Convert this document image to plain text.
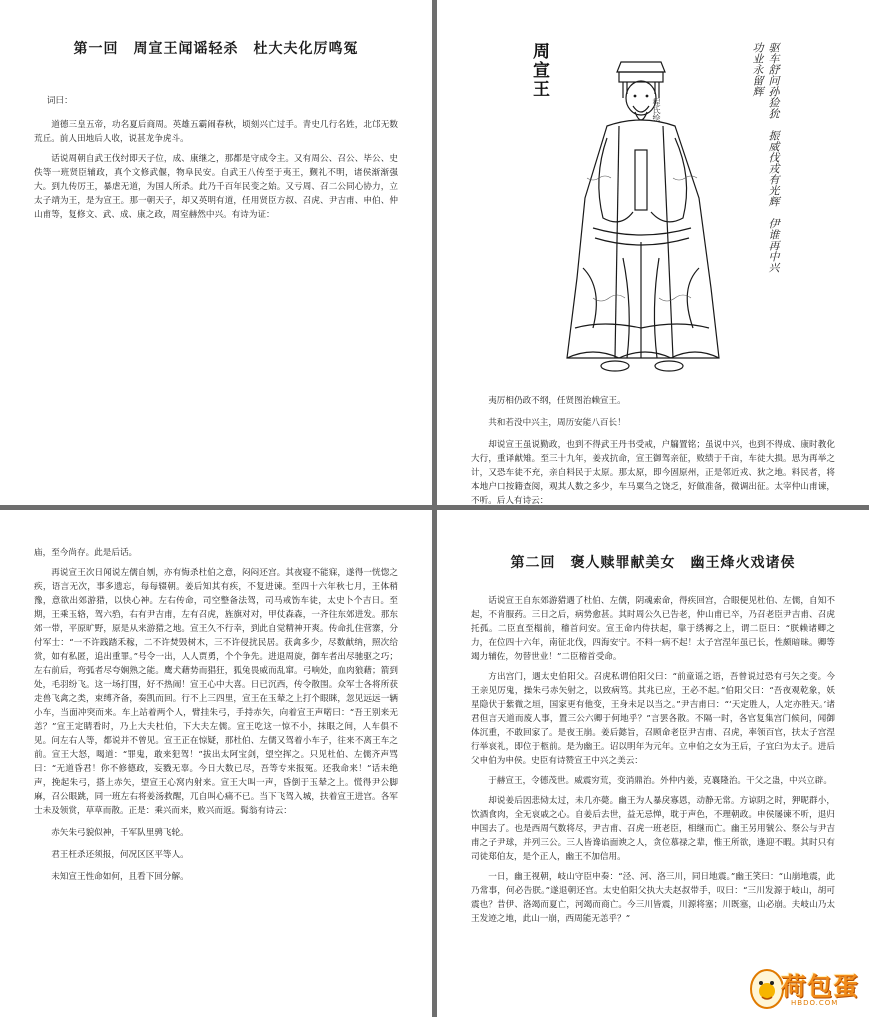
第一回　周宣王闻谣轻杀　杜大夫化厉鸣冤
词曰：

道德三皇五帝，功名夏后商周。英雄五霸闹春秋，顷刻兴亡过手。青史几行名姓，北邙无数荒丘。前人田地后人收，说甚龙争虎斗。

话说周朝自武王伐纣即天子位，成、康继之，那都是守成令主。又有周公、召公、毕公、史佚等一班贤臣辅政，真个文修武偃，物阜民安。自武王八传至于夷王，觐礼不明，诸侯渐渐强大。到九传厉王，暴虐无道，为国人所杀。此乃千百年民变之始。又亏周、召二公同心协力，立太子靖为王，是为宣王。那一朝天子，却又英明有道，任用贤臣方叔、召虎、尹吉甫、申伯、仲山甫等，复修文、武、成、康之政，周室赫然中兴。有诗为证：

周宣王	驱车舒问孙猃狁　振威伐戎有光辉　伊谁再中兴　功业永留辉
程氏绘

夷厉相仍政不纲，任贤图治赖宣王。

共和若没中兴主，周历安能八百长！

却说宣王虽说勤政，也到不得武王丹书受戒，户牖置铭；虽说中兴，也到不得成、康时教化大行，重译献雉。至三十九年，姜戎抗命，宣王御驾亲征，败绩于千亩，车徒大损。思为再举之计，又恐车徒不充，亲自料民于太原。那太原，即今固原州，正是邻近戎、狄之地。料民者，将本地户口按籍查阅，观其人数之多少，车马粟刍之饶乏，好做准备，微调出征。太宰仲山甫谏，不听。后人有诗云：

庙，至今尚存。此是后话。

再说宣王次日闻说左儒自刎，亦有悔杀杜伯之意，闷闷还宫。其夜寝不能寐，遂得一恍惚之疾，语言无次，事多遗忘，每每辍朝。姜后知其有疾，不复进谏。至四十六年秋七月，王体稍豫，意欲出郊游猎，以快心神。左右传命，司空整备法驾，司马戒饬车徒，太史卜个吉日。至期，王乘玉辂，驾六驺，右有尹吉甫，左有召虎，旌旗对对，甲仗森森，一齐往东郊进发。那东郊一带，平原旷野，原是从来游猎之地。宣王久不行幸，到此自觉精神开爽。传命扎住营寨，分付军士：“一不许践踏禾稼，二不许焚毁树木，三不许侵扰民居。获禽多少，尽数献纳，照次给赏，如有私匿，追出重罪。”号令一出，人人贾勇，个个争先。进退周旋，御车者出尽驰驱之巧；左右前后，弯弧者尽夸娴熟之能。鹰犬藉势而猖狂，狐兔畏威而乱窜。弓响处，血肉狼藉；箭到处，毛羽纷飞。这一场打围，好不热闹！宣王心中大喜。日已沉西，传令散围。众军士各将所获走兽飞禽之类，束缚齐备，奏凯而回。行不上三四里，宣王在玉辇之上打个眼眯，忽见远远一辆小车，当面冲突而来。车上站着两个人，臂挂朱弓，手持赤矢，向着宣王声喏曰：“吾王别来无恙？”宣王定睛看时，乃上大夫杜伯，下大夫左儒。宣王吃这一惊不小，抹眼之间，人车俱不见。问左右人等，都说并不曾见。宣王正在惊疑，那杜伯、左儒又驾着小车子，往来不离王车之前。宣王大怒，喝道：“罪鬼，敢来犯驾！”拔出太阿宝剑，望空挥之。只见杜伯、左儒齐声骂曰：“无道昏君！你不修德政，妄戮无辜。今日大数已尽，吾等专来报冤。还我命来！”话未绝声，挽起朱弓，搭上赤矢，望宣王心窝内射来。宣王大叫一声，昏倒于玉辇之上。慌得尹公脚麻，召公眼跳，同一班左右将姜汤救醒，兀自叫心痛不已。当下飞驾入城，扶着宣王进宫。各军士未及领赏，草草而散。正是：乘兴而来，败兴而返。髯翁有诗云：

赤矢朱弓貌似神，千军队里骋飞轮。

君王枉杀还须报，何况区区平等人。

未知宣王性命如何，且看下回分解。

第二回　褒人赎罪献美女　幽王烽火戏诸侯

话说宣王自东郊游猎遇了杜伯、左儒，阴魂索命，得疾回宫，合眼便见杜伯、左儒，自知不起，不肯服药。三日之后，病势愈甚。其时周公久已告老，仲山甫已卒，乃召老臣尹吉甫、召虎托孤。二臣直至榻前，稽首问安。宣王命内侍扶起，靠于绣褥之上，谓二臣曰：“朕赖诸卿之力，在位四十六年，南征北伐，四海安宁。不料一病不起！太子宫涅年虽已长，性颇暗昧。卿等竭力辅佐，勿替世业！”二臣稽首受命。

方出宫门，遇太史伯阳父。召虎私谓伯阳父曰：“前童谣之语，吾曾说过恐有弓矢之变。今王亲见厉鬼，操朱弓赤矢射之，以致病笃。其兆已应，王必不起。”伯阳父曰：“吾夜观乾象，妖星隐伏于紫微之垣，国家更有他变，王身未足以当之。”尹吉甫曰：“‘天定胜人，人定亦胜天。’诸君但言天道而废人事，置三公六卿于何地乎？”言罢各散。不隔一时，各官复集宫门候问，闻御体沉重，不敢回家了。是夜王崩。姜后懿旨，召顾命老臣尹吉甫、召虎，率领百官，扶太子宫涅行举哀礼，即位于柩前。是为幽王。诏以明年为元年。立申伯之女为王后，子宜臼为太子。进后父申伯为申侯。史臣有诗赞宣王中兴之美云：

于赫宣王，令德茂世。威震穷荒，变消鼎治。外仲内姜，克襄隆治。干父之蛊，中兴立辟。

却说姜后因悲恸太过，未几亦薨。幽王为人暴戾寡恩，动静无常。方谅阴之时，狎昵群小，饮酒食肉，全无哀戚之心。自姜后去世，益无忌惮，耽于声色，不理朝政。申侯屡谏不听，退归申国去了。也是西周气数将尽，尹吉甫、召虎一班老臣，相继而亡。幽王另用虢公、祭公与尹吉甫之子尹球，并列三公。三人皆谗谄面谀之人，贪位慕禄之辈，惟王所欲，逢迎不暇。其时只有司徒郑伯友，是个正人，幽王不加信用。

一日，幽王视朝，岐山守臣申奏：“泾、河、洛三川，同日地震。”幽王笑曰：“山崩地震，此乃常事，何必告朕。”遂退朝还宫。太史伯阳父执大夫赵叔带手，叹曰：“三川发源于岐山，胡可震也？昔伊、洛竭而夏亡，河竭而商亡。今三川皆震，川源将塞；川既塞，山必崩。夫岐山乃太王发迹之地，此山一崩，西周能无恙乎？”

荷包蛋
HBDO.COM
